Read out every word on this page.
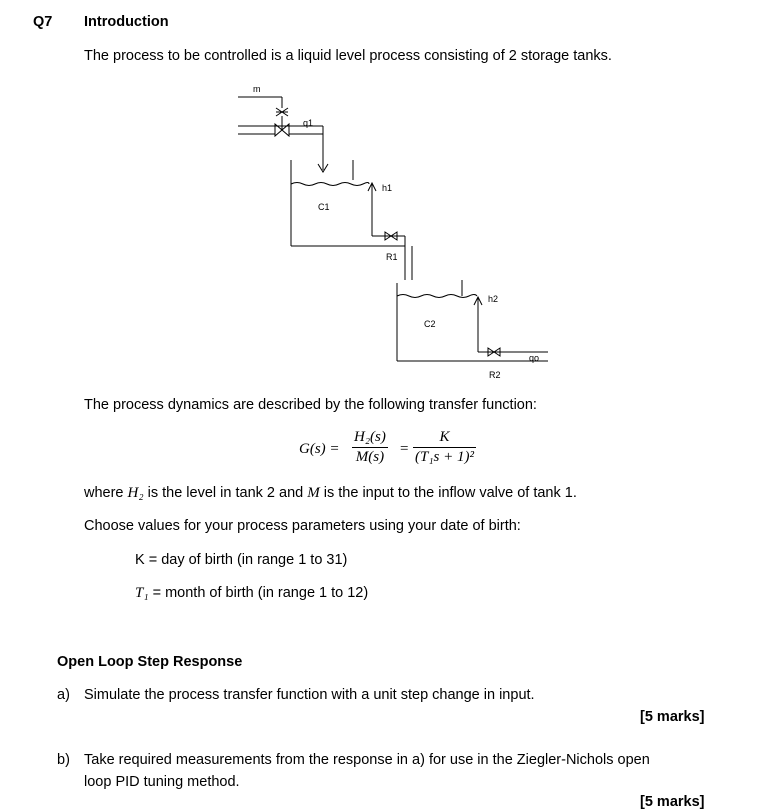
Q7 Introduction
The process to be controlled is a liquid level process consisting of 2 storage tanks.
m
q1
h1
C1
R1
h2
C2
qo
R2
The process dynamics are described by the following transfer function:
$G(s) = \frac{\text{H₂(s)}}{M(s)} = \frac{K}{\text{(T₁s + 1)²}}$
where H₂ is the level in tank 2 and M is the input to the inflow valve of tank 1.
Choose values for your process parameters using your date of birth:
K = day of birth (in range 1 to 31)
T₁ = month of birth (in range 1 to 12)
Open Loop Step Response
a) Simulate the process transfer function with a unit step change in input.
[5 marks]
b) Take required measurements from the response in a) for use in the Ziegler-Nichols open
loop PID tuning method.
[5 marks]
